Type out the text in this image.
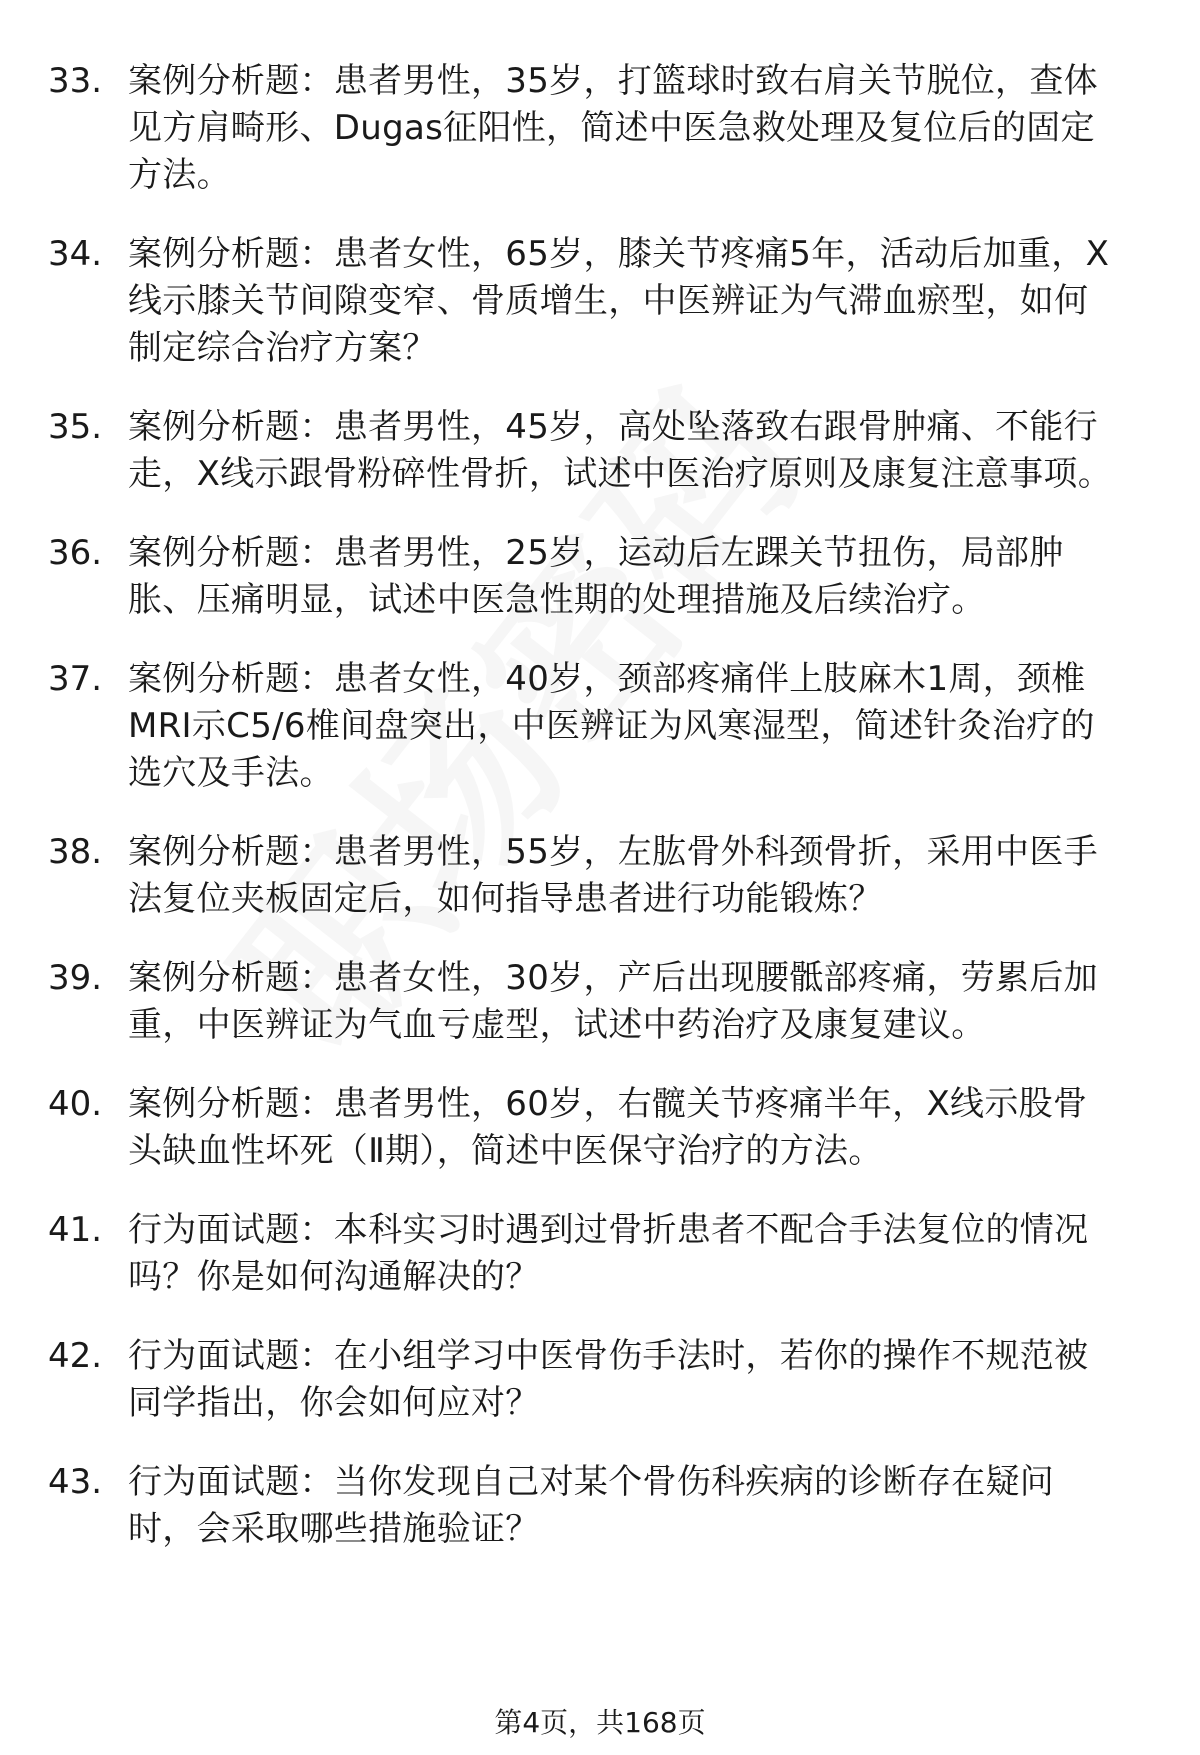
33. 案例分析题：患者男性，35岁，打篮球时致右肩关节脱位，查体见方肩畸形、Dugas征阳性，简述中医急救处理及复位后的固定方法。
34. 案例分析题：患者女性，65岁，膝关节疼痛5年，活动后加重，X线示膝关节间隙变窄、骨质增生，中医辨证为气滞血瘀型，如何制定综合治疗方案？
35. 案例分析题：患者男性，45岁，高处坠落致右跟骨肿痛、不能行走，X线示跟骨粉碎性骨折，试述中医治疗原则及康复注意事项。
36. 案例分析题：患者男性，25岁，运动后左踝关节扭伤，局部肿胀、压痛明显，试述中医急性期的处理措施及后续治疗。
37. 案例分析题：患者女性，40岁，颈部疼痛伴上肢麻木1周，颈椎MRI示C5/6椎间盘突出，中医辨证为风寒湿型，简述针灸治疗的选穴及手法。
38. 案例分析题：患者男性，55岁，左肱骨外科颈骨折，采用中医手法复位夹板固定后，如何指导患者进行功能锻炼？
39. 案例分析题：患者女性，30岁，产后出现腰骶部疼痛，劳累后加重，中医辨证为气血亏虚型，试述中药治疗及康复建议。
40. 案例分析题：患者男性，60岁，右髋关节疼痛半年，X线示股骨头缺血性坏死（Ⅱ期），简述中医保守治疗的方法。
41. 行为面试题：本科实习时遇到过骨折患者不配合手法复位的情况吗？你是如何沟通解决的？
42. 行为面试题：在小组学习中医骨伤手法时，若你的操作不规范被同学指出，你会如何应对？
43. 行为面试题：当你发现自己对某个骨伤科疾病的诊断存在疑问时，会采取哪些措施验证？
第4页，共168页
